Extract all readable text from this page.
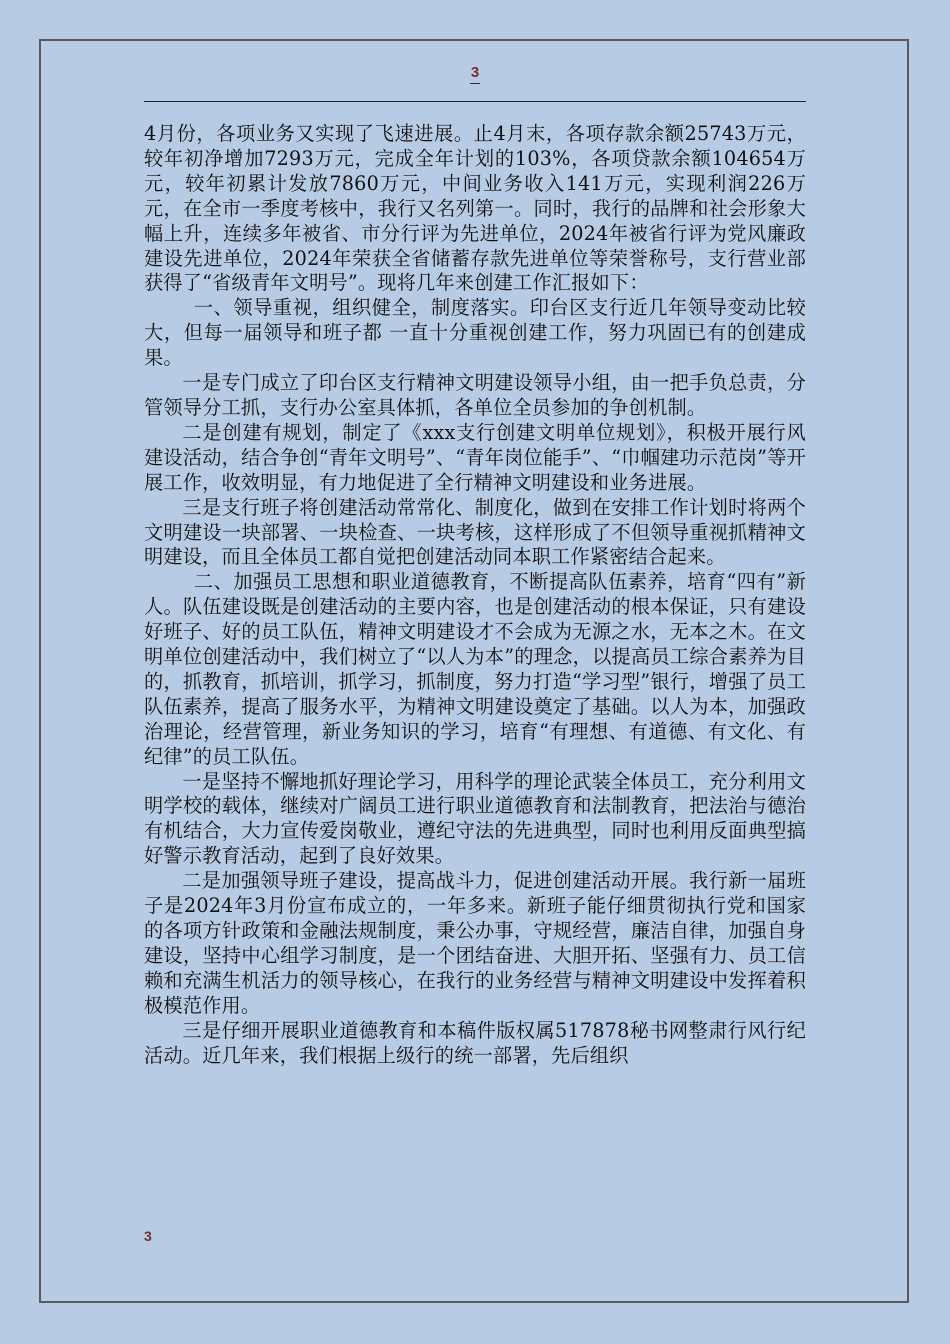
3

4月份，各项业务又实现了飞速进展。止4月末，各项存款余额25743万元，较年初净增加7293万元，完成全年计划的103%，各项贷款余额104654万元，较年初累计发放7860万元，中间业务收入141万元，实现利润226万元，在全市一季度考核中，我行又名列第一。同时，我行的品牌和社会形象大幅上升，连续多年被省、市分行评为先进单位，2024年被省行评为党风廉政建设先进单位，2024年荣获全省储蓄存款先进单位等荣誉称号，支行营业部获得了“省级青年文明号”。现将几年来创建工作汇报如下：

一、领导重视，组织健全，制度落实。印台区支行近几年领导变动比较大，但每一届领导和班子都 一直十分重视创建工作，努力巩固已有的创建成果。

一是专门成立了印台区支行精神文明建设领导小组，由一把手负总责，分管领导分工抓，支行办公室具体抓，各单位全员参加的争创机制。

二是创建有规划，制定了《xxx支行创建文明单位规划》，积极开展行风建设活动，结合争创“青年文明号”、“青年岗位能手”、“巾帼建功示范岗”等开展工作，收效明显，有力地促进了全行精神文明建设和业务进展。

三是支行班子将创建活动常常化、制度化，做到在安排工作计划时将两个文明建设一块部署、一块检查、一块考核，这样形成了不但领导重视抓精神文明建设，而且全体员工都自觉把创建活动同本职工作紧密结合起来。

二、加强员工思想和职业道德教育，不断提高队伍素养，培育“四有”新人。队伍建设既是创建活动的主要内容，也是创建活动的根本保证，只有建设好班子、好的员工队伍，精神文明建设才不会成为无源之水，无本之木。在文明单位创建活动中，我们树立了“以人为本”的理念，以提高员工综合素养为目的，抓教育，抓培训，抓学习，抓制度，努力打造“学习型”银行，增强了员工队伍素养，提高了服务水平，为精神文明建设奠定了基础。以人为本，加强政治理论，经营管理，新业务知识的学习，培育“有理想、有道德、有文化、有纪律”的员工队伍。

一是坚持不懈地抓好理论学习，用科学的理论武装全体员工，充分利用文明学校的载体，继续对广阔员工进行职业道德教育和法制教育，把法治与德治有机结合，大力宣传爱岗敬业，遵纪守法的先进典型，同时也利用反面典型搞好警示教育活动，起到了良好效果。

二是加强领导班子建设，提高战斗力，促进创建活动开展。我行新一届班子是2024年3月份宣布成立的，一年多来。新班子能仔细贯彻执行党和国家的各项方针政策和金融法规制度，秉公办事，守规经营，廉洁自律，加强自身建设，坚持中心组学习制度，是一个团结奋进、大胆开拓、坚强有力、员工信赖和充满生机活力的领导核心，在我行的业务经营与精神文明建设中发挥着积极模范作用。

三是仔细开展职业道德教育和本稿件版权属517878秘书网整肃行风行纪活动。近几年来，我们根据上级行的统一部署，先后组织

3
